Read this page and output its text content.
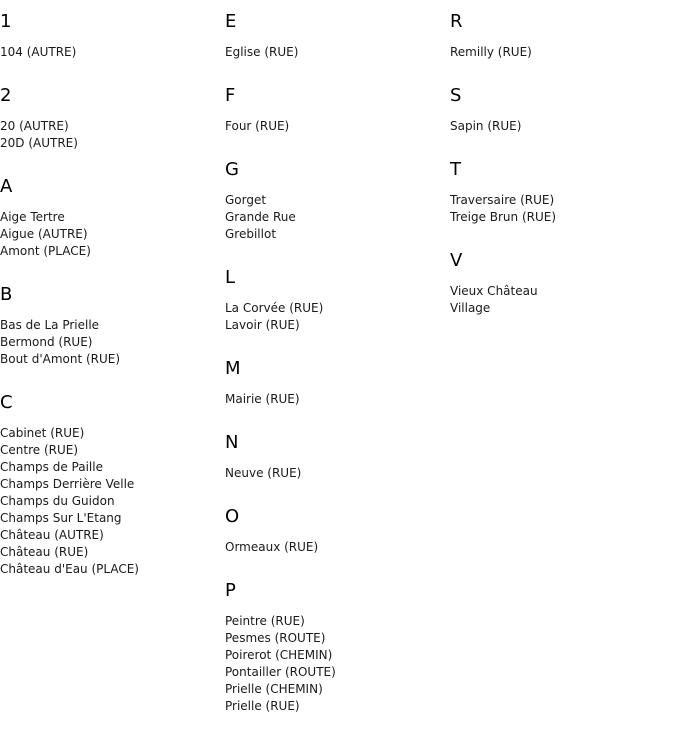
1
104 (AUTRE)
2
20 (AUTRE)
20D (AUTRE)
A
Aige Tertre
Aigue (AUTRE)
Amont (PLACE)
B
Bas de La Prielle
Bermond (RUE)
Bout d'Amont (RUE)
C
Cabinet (RUE)
Centre (RUE)
Champs de Paille
Champs Derrière Velle
Champs du Guidon
Champs Sur L'Etang
Château (AUTRE)
Château (RUE)
Château d'Eau (PLACE)
E
Eglise (RUE)
F
Four (RUE)
G
Gorget
Grande Rue
Grebillot
L
La Corvée (RUE)
Lavoir (RUE)
M
Mairie (RUE)
N
Neuve (RUE)
O
Ormeaux (RUE)
P
Peintre (RUE)
Pesmes (ROUTE)
Poirerot (CHEMIN)
Pontailler (ROUTE)
Prielle (CHEMIN)
Prielle (RUE)
R
Remilly (RUE)
S
Sapin (RUE)
T
Traversaire (RUE)
Treige Brun (RUE)
V
Vieux Château
Village
